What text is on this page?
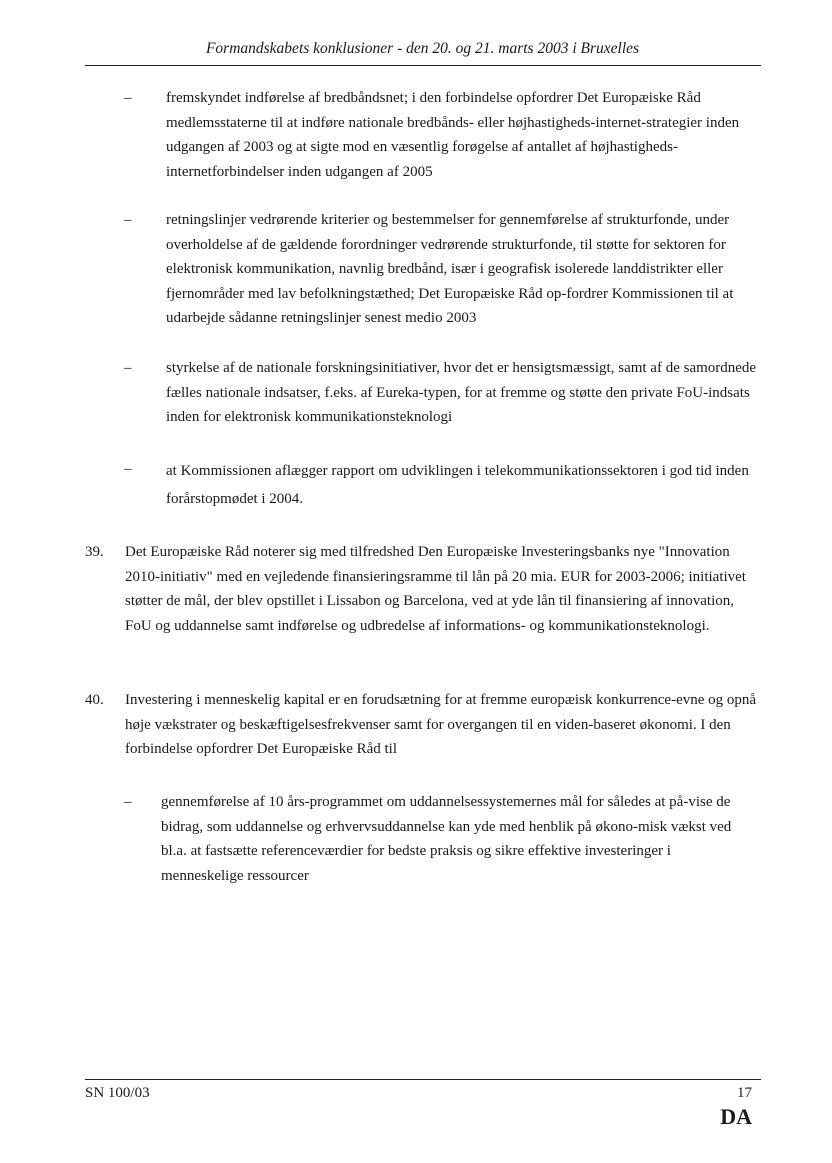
Formandskabets konklusioner - den 20. og 21. marts 2003 i Bruxelles
–	fremskyndet indførelse af bredbåndsnet; i den forbindelse opfordrer Det Europæiske Råd medlemsstaterne til at indføre nationale bredbånds- eller højhastigheds-internet-strategier inden udgangen af 2003 og at sigte mod en væsentlig forøgelse af antallet af højhastigheds-internetforbindelser inden udgangen af 2005
–	retningslinjer vedrørende kriterier og bestemmelser for gennemførelse af strukturfonde, under overholdelse af de gældende forordninger vedrørende strukturfonde, til støtte for sektoren for elektronisk kommunikation, navnlig bredbånd, især i geografisk isolerede landdistrikter eller fjernområder med lav befolkningstæthed; Det Europæiske Råd op-fordrer Kommissionen til at udarbejde sådanne retningslinjer senest medio 2003
–	styrkelse af de nationale forskningsinitiativer, hvor det er hensigtsmæssigt, samt af de samordnede fælles nationale indsatser, f.eks. af Eureka-typen, for at fremme og støtte den private FoU-indsats inden for elektronisk kommunikationsteknologi
–	at Kommissionen aflægger rapport om udviklingen i telekommunikationssektoren i god tid inden forårstopmødet i 2004.
39. Det Europæiske Råd noterer sig med tilfredshed Den Europæiske Investeringsbanks nye "Innovation 2010-initiativ" med en vejledende finansieringsramme til lån på 20 mia. EUR for 2003-2006; initiativet støtter de mål, der blev opstillet i Lissabon og Barcelona, ved at yde lån til finansiering af innovation, FoU og uddannelse samt indførelse og udbredelse af informations- og kommunikationsteknologi.
40. Investering i menneskelig kapital er en forudsætning for at fremme europæisk konkurrence-evne og opnå høje vækstrater og beskæftigelsesfrekvenser samt for overgangen til en viden-baseret økonomi. I den forbindelse opfordrer Det Europæiske Råd til
–	gennemførelse af 10 års-programmet om uddannelsessystemernes mål for således at på-vise de bidrag, som uddannelse og erhvervsuddannelse kan yde med henblik på økono-misk vækst ved bl.a. at fastsætte referenceværdier for bedste praksis og sikre effektive investeringer i menneskelige ressourcer
SN 100/03	17
DA
